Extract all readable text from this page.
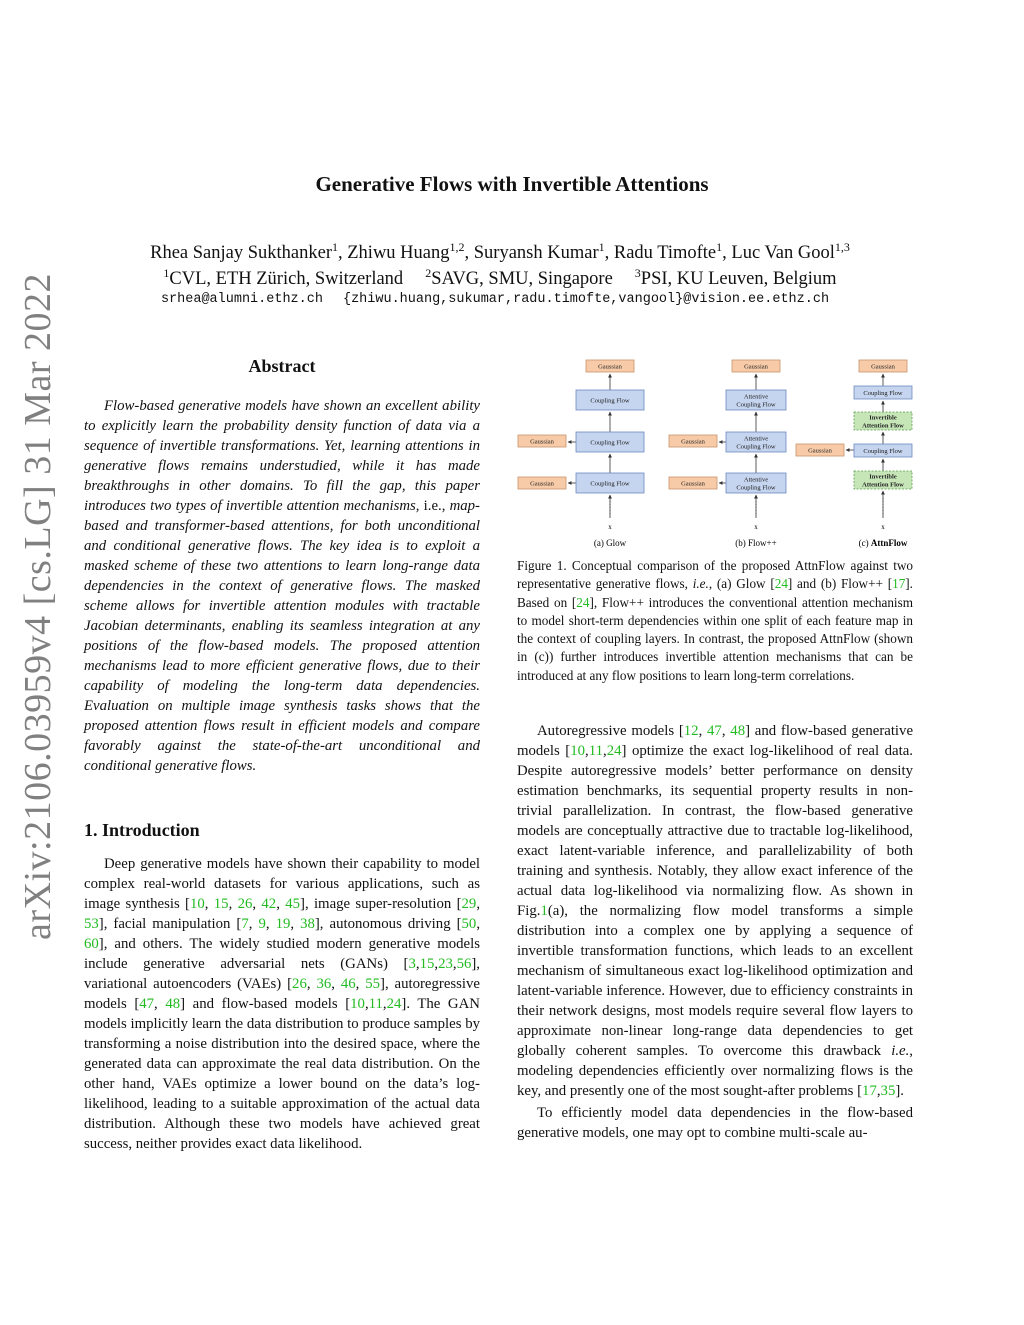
arXiv:2106.03959v4 [cs.LG] 31 Mar 2022
Generative Flows with Invertible Attentions
Rhea Sanjay Sukthanker$^1$, Zhiwu Huang$^{1,2}$, Suryansh Kumar$^1$, Radu Timofte$^1$, Luc Van Gool$^{1,3}$
$^1$CVL, ETH Zürich, Switzerland $^2$SAVG, SMU, Singapore $^3$PSI, KU Leuven, Belgium
srhea@alumni.ethz.ch {zhiwu.huang,sukumar,radu.timofte,vangool}@vision.ee.ethz.ch
Abstract

Flow-based generative models have shown an excellent ability to explicitly learn the probability density function of data via a sequence of invertible transformations. Yet, learning attentions in generative flows remains understudied, while it has made breakthroughs in other domains. To fill the gap, this paper introduces two types of invertible attention mechanisms, i.e., map-based and transformer-based attentions, for both unconditional and conditional generative flows. The key idea is to exploit a masked scheme of these two attentions to learn long-range data dependencies in the context of generative flows. The masked scheme allows for invertible attention modules with tractable Jacobian determinants, enabling its seamless integration at any positions of the flow-based models. The proposed attention mechanisms lead to more efficient generative flows, due to their capability of modeling the long-term data dependencies. Evaluation on multiple image synthesis tasks shows that the proposed attention flows result in efficient models and compare favorably against the state-of-the-art unconditional and conditional generative flows.

1. Introduction

Deep generative models have shown their capability to model complex real-world datasets for various applications, such as image synthesis [10, 15, 26, 42, 45], image super-resolution [29, 53], facial manipulation [7, 9, 19, 38], autonomous driving [50, 60], and others. The widely studied modern generative models include generative adversarial nets (GANs) [3,15,23,56], variational autoencoders (VAEs) [26, 36, 46, 55], autoregressive models [47, 48] and flow-based models [10,11,24]. The GAN models implicitly learn the data distribution to produce samples by transforming a noise distribution into the desired space, where the generated data can approximate the real data distribution. On the other hand, VAEs optimize a lower bound on the data’s log-likelihood, leading to a suitable approximation of the actual data distribution. Although these two models have achieved great success, neither provides exact data likelihood.

Gaussian
Coupling Flow
Coupling Flow
Coupling Flow
Gaussian
Gaussian
Gaussian
Attentive
Coupling Flow
Attentive
Coupling Flow
Attentive
Coupling Flow
Gaussian
Gaussian
Gaussian
Coupling Flow
Invertible
Attention Flow
Coupling Flow
Invertible
Attention Flow
Gaussian
x
(a) Glow
x
(b) Flow++
x
(c) AttnFlow

Figure 1. Conceptual comparison of the proposed AttnFlow against two representative generative flows, i.e., (a) Glow [24] and (b) Flow++ [17]. Based on [24], Flow++ introduces the conventional attention mechanism to model short-term dependencies within one split of each feature map in the context of coupling layers. In contrast, the proposed AttnFlow (shown in (c)) further introduces invertible attention mechanisms that can be introduced at any flow positions to learn long-term correlations.

Autoregressive models [12, 47, 48] and flow-based generative models [10,11,24] optimize the exact log-likelihood of real data. Despite autoregressive models’ better performance on density estimation benchmarks, its sequential property results in non-trivial parallelization. In contrast, the flow-based generative models are conceptually attractive due to tractable log-likelihood, exact latent-variable inference, and parallelizability of both training and synthesis. Notably, they allow exact inference of the actual data log-likelihood via normalizing flow. As shown in Fig.1(a), the normalizing flow model transforms a simple distribution into a complex one by applying a sequence of invertible transformation functions, which leads to an excellent mechanism of simultaneous exact log-likelihood optimization and latent-variable inference. However, due to efficiency constraints in their network designs, most models require several flow layers to approximate non-linear long-range data dependencies to get globally coherent samples. To overcome this drawback i.e., modeling dependencies efficiently over normalizing flows is the key, and presently one of the most sought-after problems [17,35].

To efficiently model data dependencies in the flow-based generative models, one may opt to combine multi-scale au-
